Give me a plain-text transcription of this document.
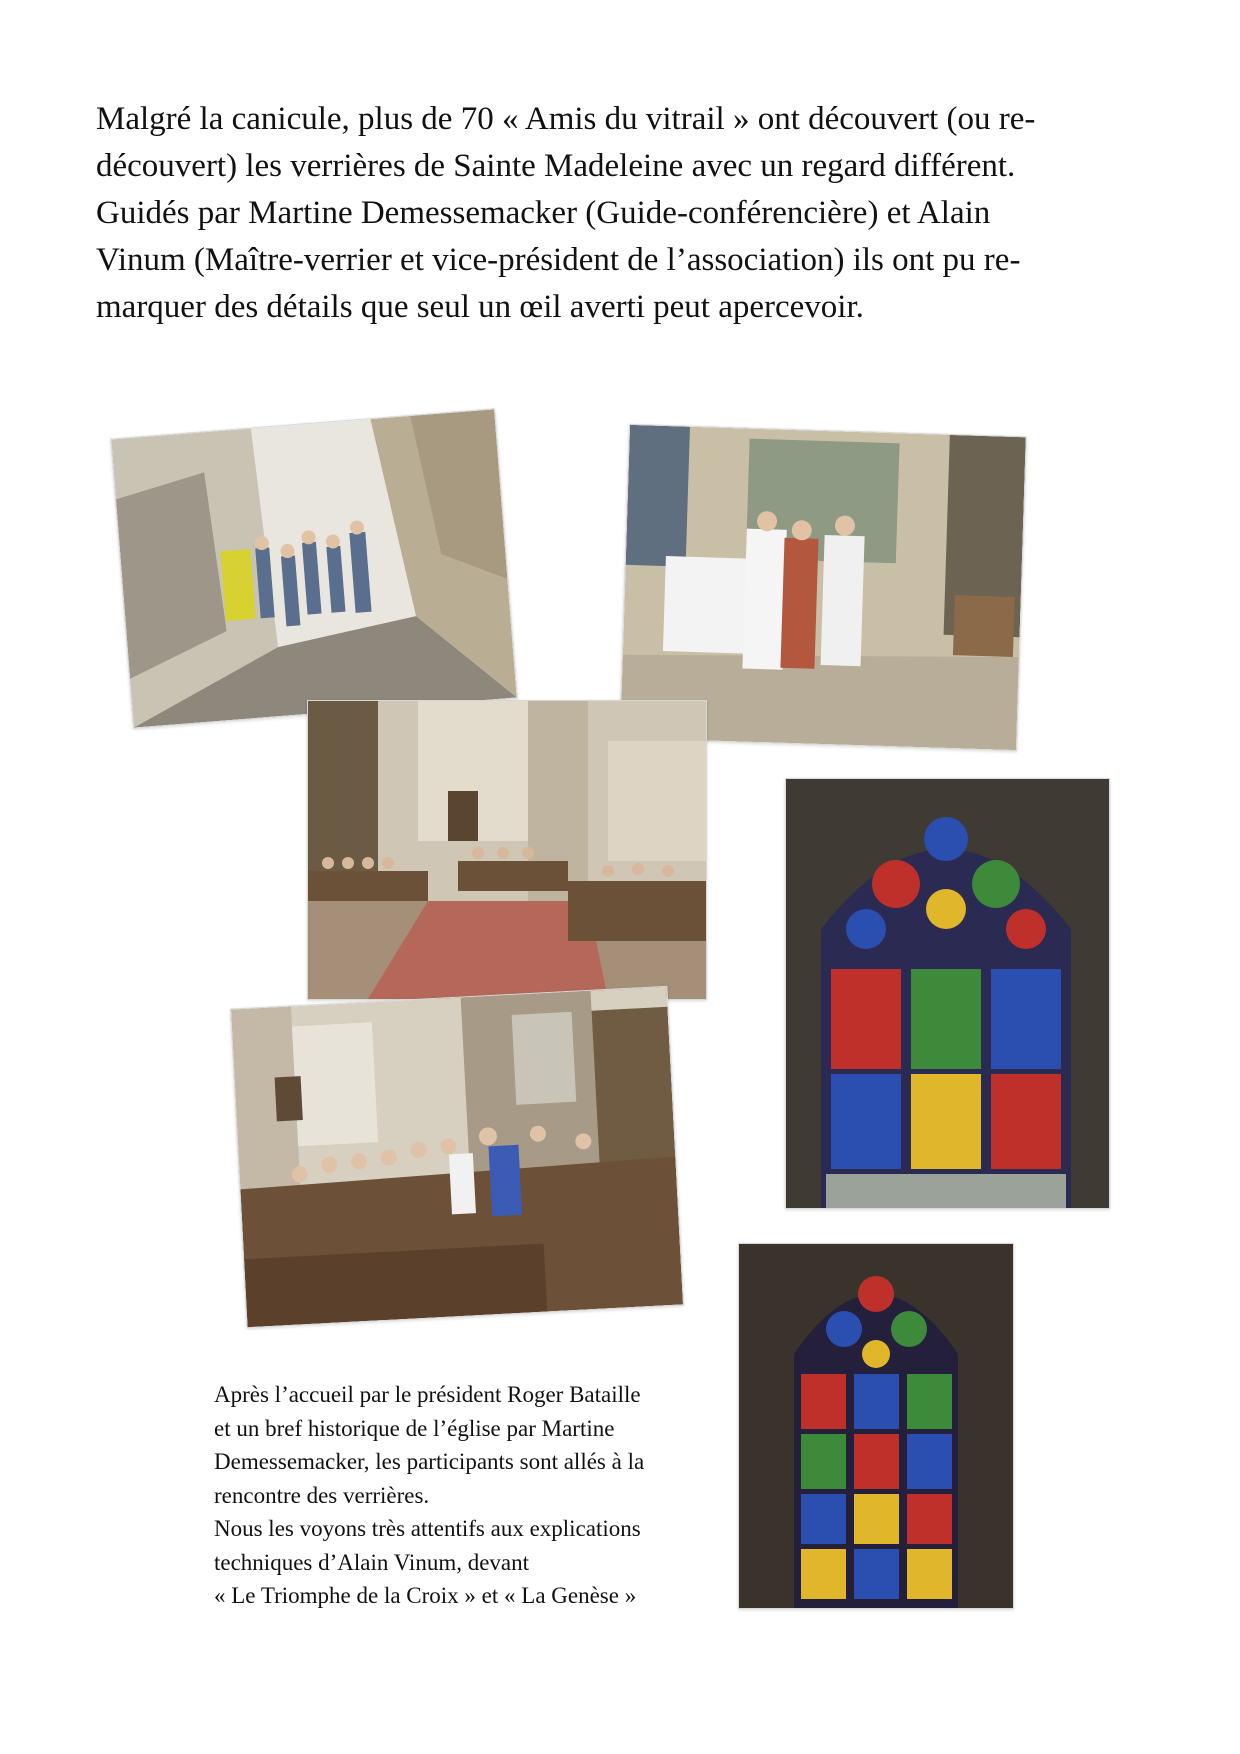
Malgré la canicule, plus de 70 « Amis du vitrail » ont découvert (ou re-
découvert) les verrières de Sainte Madeleine avec un regard différent.
Guidés par Martine Demessemacker (Guide-conférencière) et Alain
Vinum (Maître-verrier et vice-président de l’association) ils ont pu re-
marquer des détails que seul un œil averti peut apercevoir.
Après l’accueil par le président Roger Bataille
et un bref historique de l’église par Martine
Demessemacker, les participants sont allés à la
rencontre des verrières.
Nous les voyons très attentifs aux explications
techniques d’Alain Vinum, devant
« Le Triomphe de la Croix » et « La Genèse »
